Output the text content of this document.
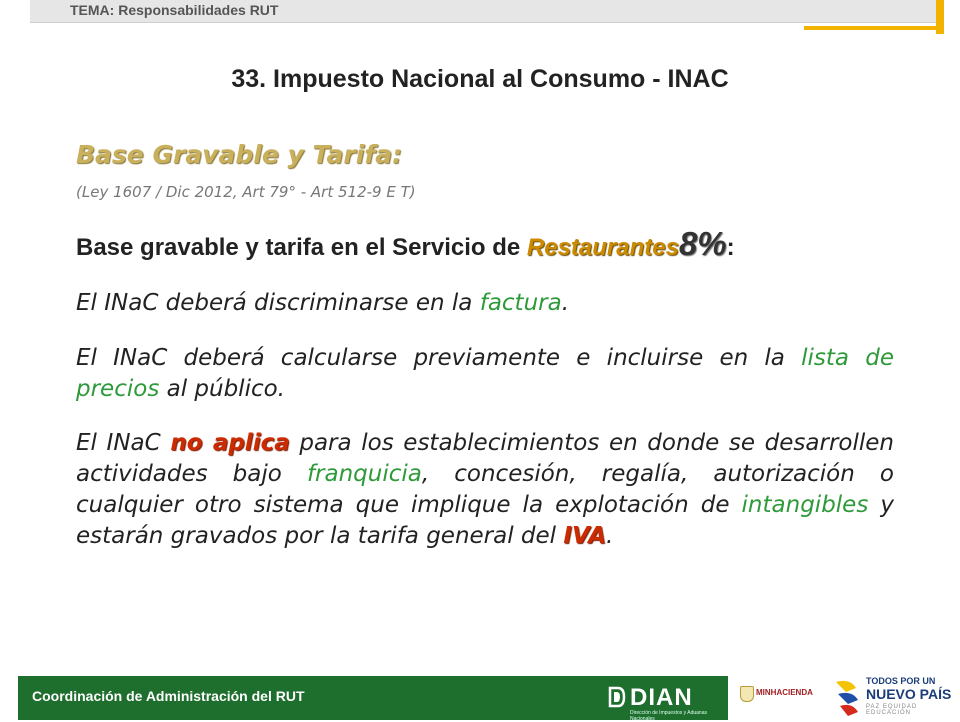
TEMA: Responsabilidades RUT
33. Impuesto Nacional al Consumo - INAC
Base Gravable y Tarifa:
(Ley 1607 / Dic 2012, Art 79° - Art 512-9 E T)
Base gravable y tarifa en el Servicio de Restaurantes8%:
El INaC deberá discriminarse en la factura.
El INaC deberá calcularse previamente e incluirse en la lista de precios al público.
El INaC no aplica para los establecimientos en donde se desarrollen actividades bajo franquicia, concesión, regalía, autorización o cualquier otro sistema que implique la explotación de intangibles y estarán gravados por la tarifa general del IVA.
Coordinación de Administración del RUT	DIAN
Dirección de Impuestos y Aduanas Nacionales
MINHACIENDA
TODOS POR UN
NUEVO PAÍS
PAZ EQUIDAD EDUCACIÓN
